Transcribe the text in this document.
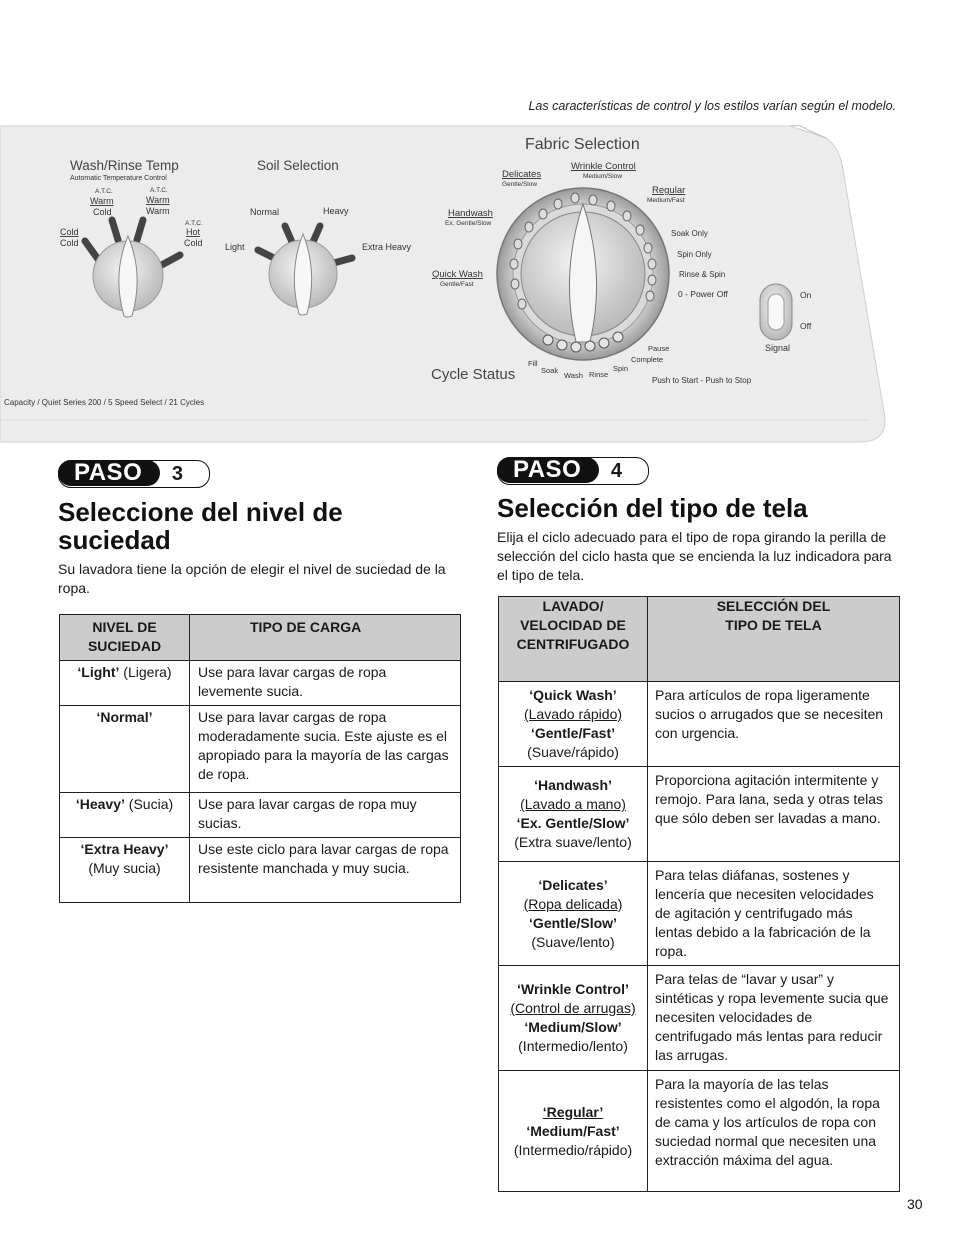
Las características de control y los estilos varían según el modelo.
Wash/Rinse Temp
Automatic Temperature Control
A.T.C.
Warm
Cold
A.T.C.
Warm
Warm
A.T.C.
Hot
Cold
Cold
Cold
Soil Selection
Normal	Heavy
Light	Extra Heavy
Fabric Selection
Delicates
Gentle/Slow
Wrinkle Control
Medium/Slow
Regular
Medium/Fast
Handwash
Ex. Gentle/Slow
Quick Wash
Gentle/Fast
Soak Only
Spin Only
Rinse & Spin
0 - Power Off
Cycle Status
Fill
Soak
Wash Rinse
Spin
Pause
Complete
Push to Start - Push to Stop
On
Off
Signal
Capacity / Quiet Series 200 / 5 Speed Select / 21 Cycles
PASO	3
Seleccione del nivel de
suciedad

Su lavadora tiene la opción de elegir el nivel de suciedad de la ropa.

NIVEL DE SUCIEDAD	TIPO DE CARGA
‘Light’ (Ligera)	Use para lavar cargas de ropa levemente sucia.
‘Normal’	Use para lavar cargas de ropa moderadamente sucia. Este ajuste es el apropiado para la mayoría de las cargas de ropa.
‘Heavy’ (Sucia)	Use para lavar cargas de ropa muy sucias.
‘Extra Heavy’
(Muy sucia)	Use este ciclo para lavar cargas de ropa resistente manchada y muy sucia.
PASO	4
Selección del tipo de tela

Elija el ciclo adecuado para el tipo de ropa girando la perilla de selección del ciclo hasta que se encienda la luz indicadora para el tipo de tela.

LAVADO/ VELOCIDAD DE CENTRIFUGADO	SELECCIÓN DEL
TIPO DE TELA
‘Quick Wash’
(Lavado rápido)
‘Gentle/Fast’
(Suave/rápido)	Para artículos de ropa ligeramente sucios o arrugados que se necesiten con urgencia.
‘Handwash’
(Lavado a mano)
‘Ex. Gentle/Slow’
(Extra suave/lento)	Proporciona agitación intermitente y remojo. Para lana, seda y otras telas que sólo deben ser lavadas a mano.
‘Delicates’
(Ropa delicada)
‘Gentle/Slow’
(Suave/lento)	Para telas diáfanas, sostenes y lencería que necesiten velocidades de agitación y centrifugado más lentas debido a la fabricación de la ropa.
‘Wrinkle Control’
(Control de arrugas)
‘Medium/Slow’
(Intermedio/lento)	Para telas de “lavar y usar” y sintéticas y ropa levemente sucia que necesiten velocidades de centrifugado más lentas para reducir las arrugas.
‘Regular’
‘Medium/Fast’
(Intermedio/rápido)	Para la mayoría de las telas resistentes como el algodón, la ropa de cama y los artículos de ropa con suciedad normal que necesiten una extracción máxima del agua.
30
